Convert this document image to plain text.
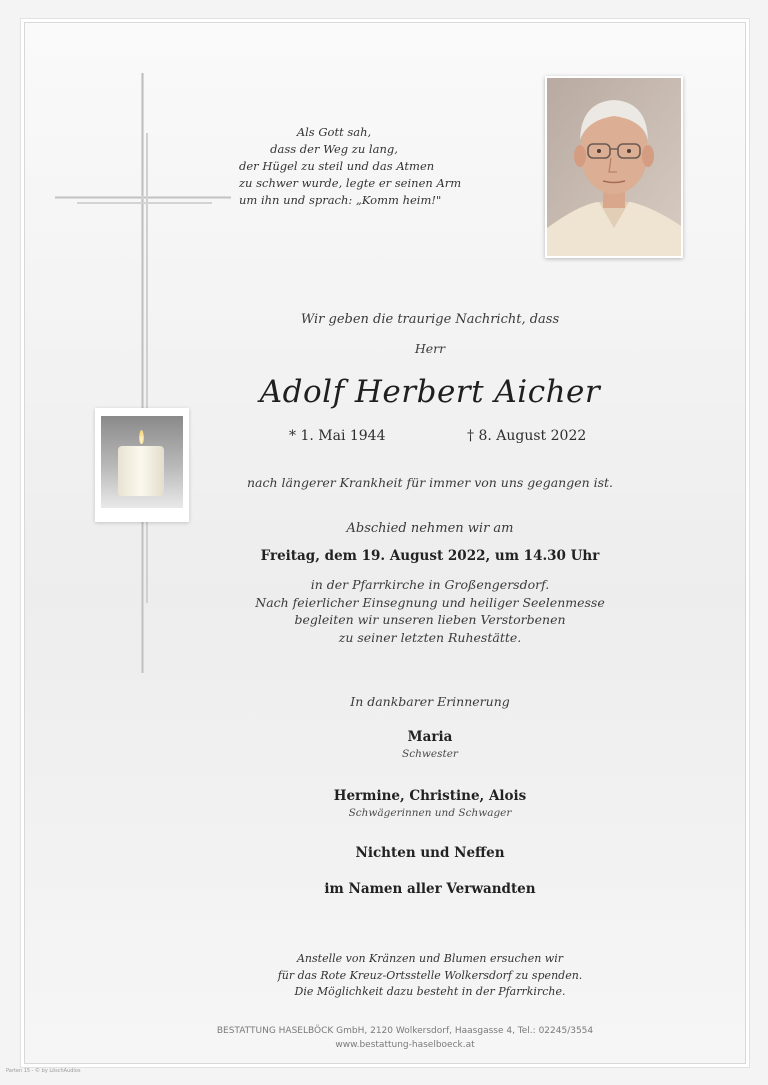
Als Gott sah,
dass der Weg zu lang,
der Hügel zu steil und das Atmen
zu schwer wurde, legte er seinen Arm
um ihn und sprach: „Komm heim!"
Wir geben die traurige Nachricht, dass
Herr
Adolf Herbert Aicher
* 1. Mai 1944	† 8. August 2022
nach längerer Krankheit für immer von uns gegangen ist.
Abschied nehmen wir am
Freitag, dem 19. August 2022, um 14.30 Uhr
in der Pfarrkirche in Großengersdorf.
Nach feierlicher Einsegnung und heiliger Seelenmesse
begleiten wir unseren lieben Verstorbenen
zu seiner letzten Ruhestätte.
In dankbarer Erinnerung
Maria
Schwester
Hermine, Christine, Alois
Schwägerinnen und Schwager
Nichten und Neffen
im Namen aller Verwandten
Anstelle von Kränzen und Blumen ersuchen wir
für das Rote Kreuz-Ortsstelle Wolkersdorf zu spenden.
Die Möglichkeit dazu besteht in der Pfarrkirche.
BESTATTUNG HASELBÖCK GmbH, 2120 Wolkersdorf, Haasgasse 4, Tel.: 02245/3554
www.bestattung-haselboeck.at
Parten 15 - © by LöschAudios
